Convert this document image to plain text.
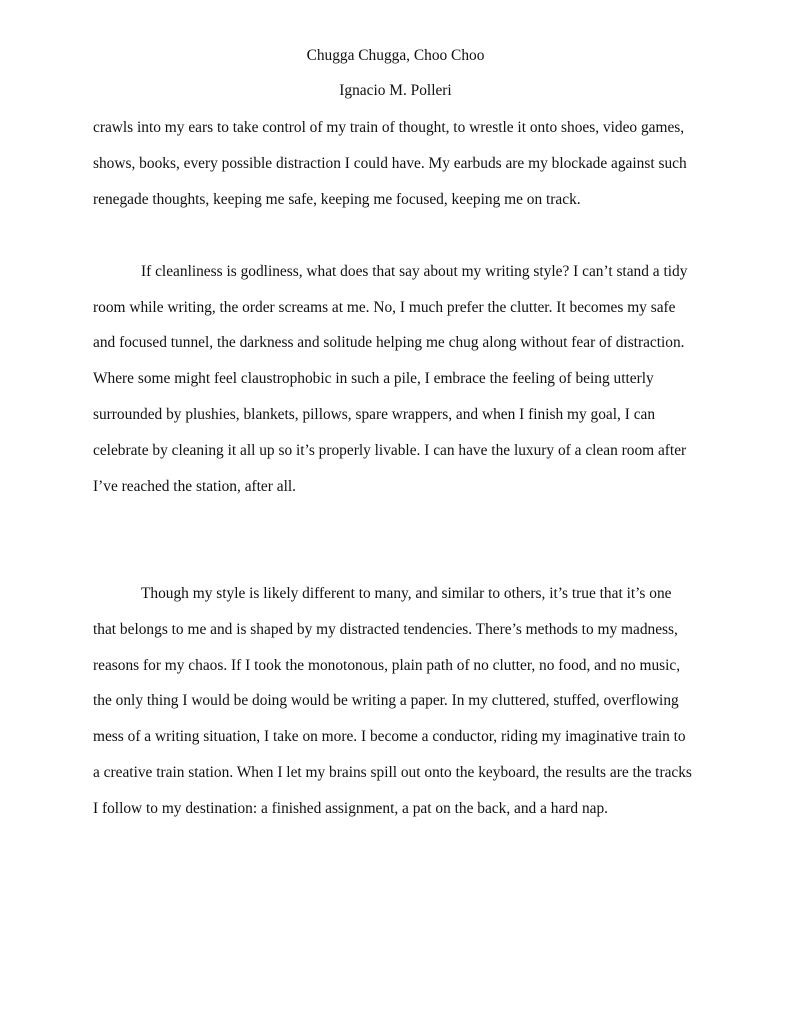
Chugga Chugga, Choo Choo
Ignacio M. Polleri
crawls into my ears to take control of my train of thought, to wrestle it onto shoes, video games,
shows, books, every possible distraction I could have. My earbuds are my blockade against such
renegade thoughts, keeping me safe, keeping me focused, keeping me on track.
If cleanliness is godliness, what does that say about my writing style? I can’t stand a tidy
room while writing, the order screams at me. No, I much prefer the clutter. It becomes my safe
and focused tunnel, the darkness and solitude helping me chug along without fear of distraction.
Where some might feel claustrophobic in such a pile, I embrace the feeling of being utterly
surrounded by plushies, blankets, pillows, spare wrappers, and when I finish my goal, I can
celebrate by cleaning it all up so it’s properly livable. I can have the luxury of a clean room after
I’ve reached the station, after all.
Though my style is likely different to many, and similar to others, it’s true that it’s one
that belongs to me and is shaped by my distracted tendencies. There’s methods to my madness,
reasons for my chaos. If I took the monotonous, plain path of no clutter, no food, and no music,
the only thing I would be doing would be writing a paper. In my cluttered, stuffed, overflowing
mess of a writing situation, I take on more. I become a conductor, riding my imaginative train to
a creative train station. When I let my brains spill out onto the keyboard, the results are the tracks
I follow to my destination: a finished assignment, a pat on the back, and a hard nap.
